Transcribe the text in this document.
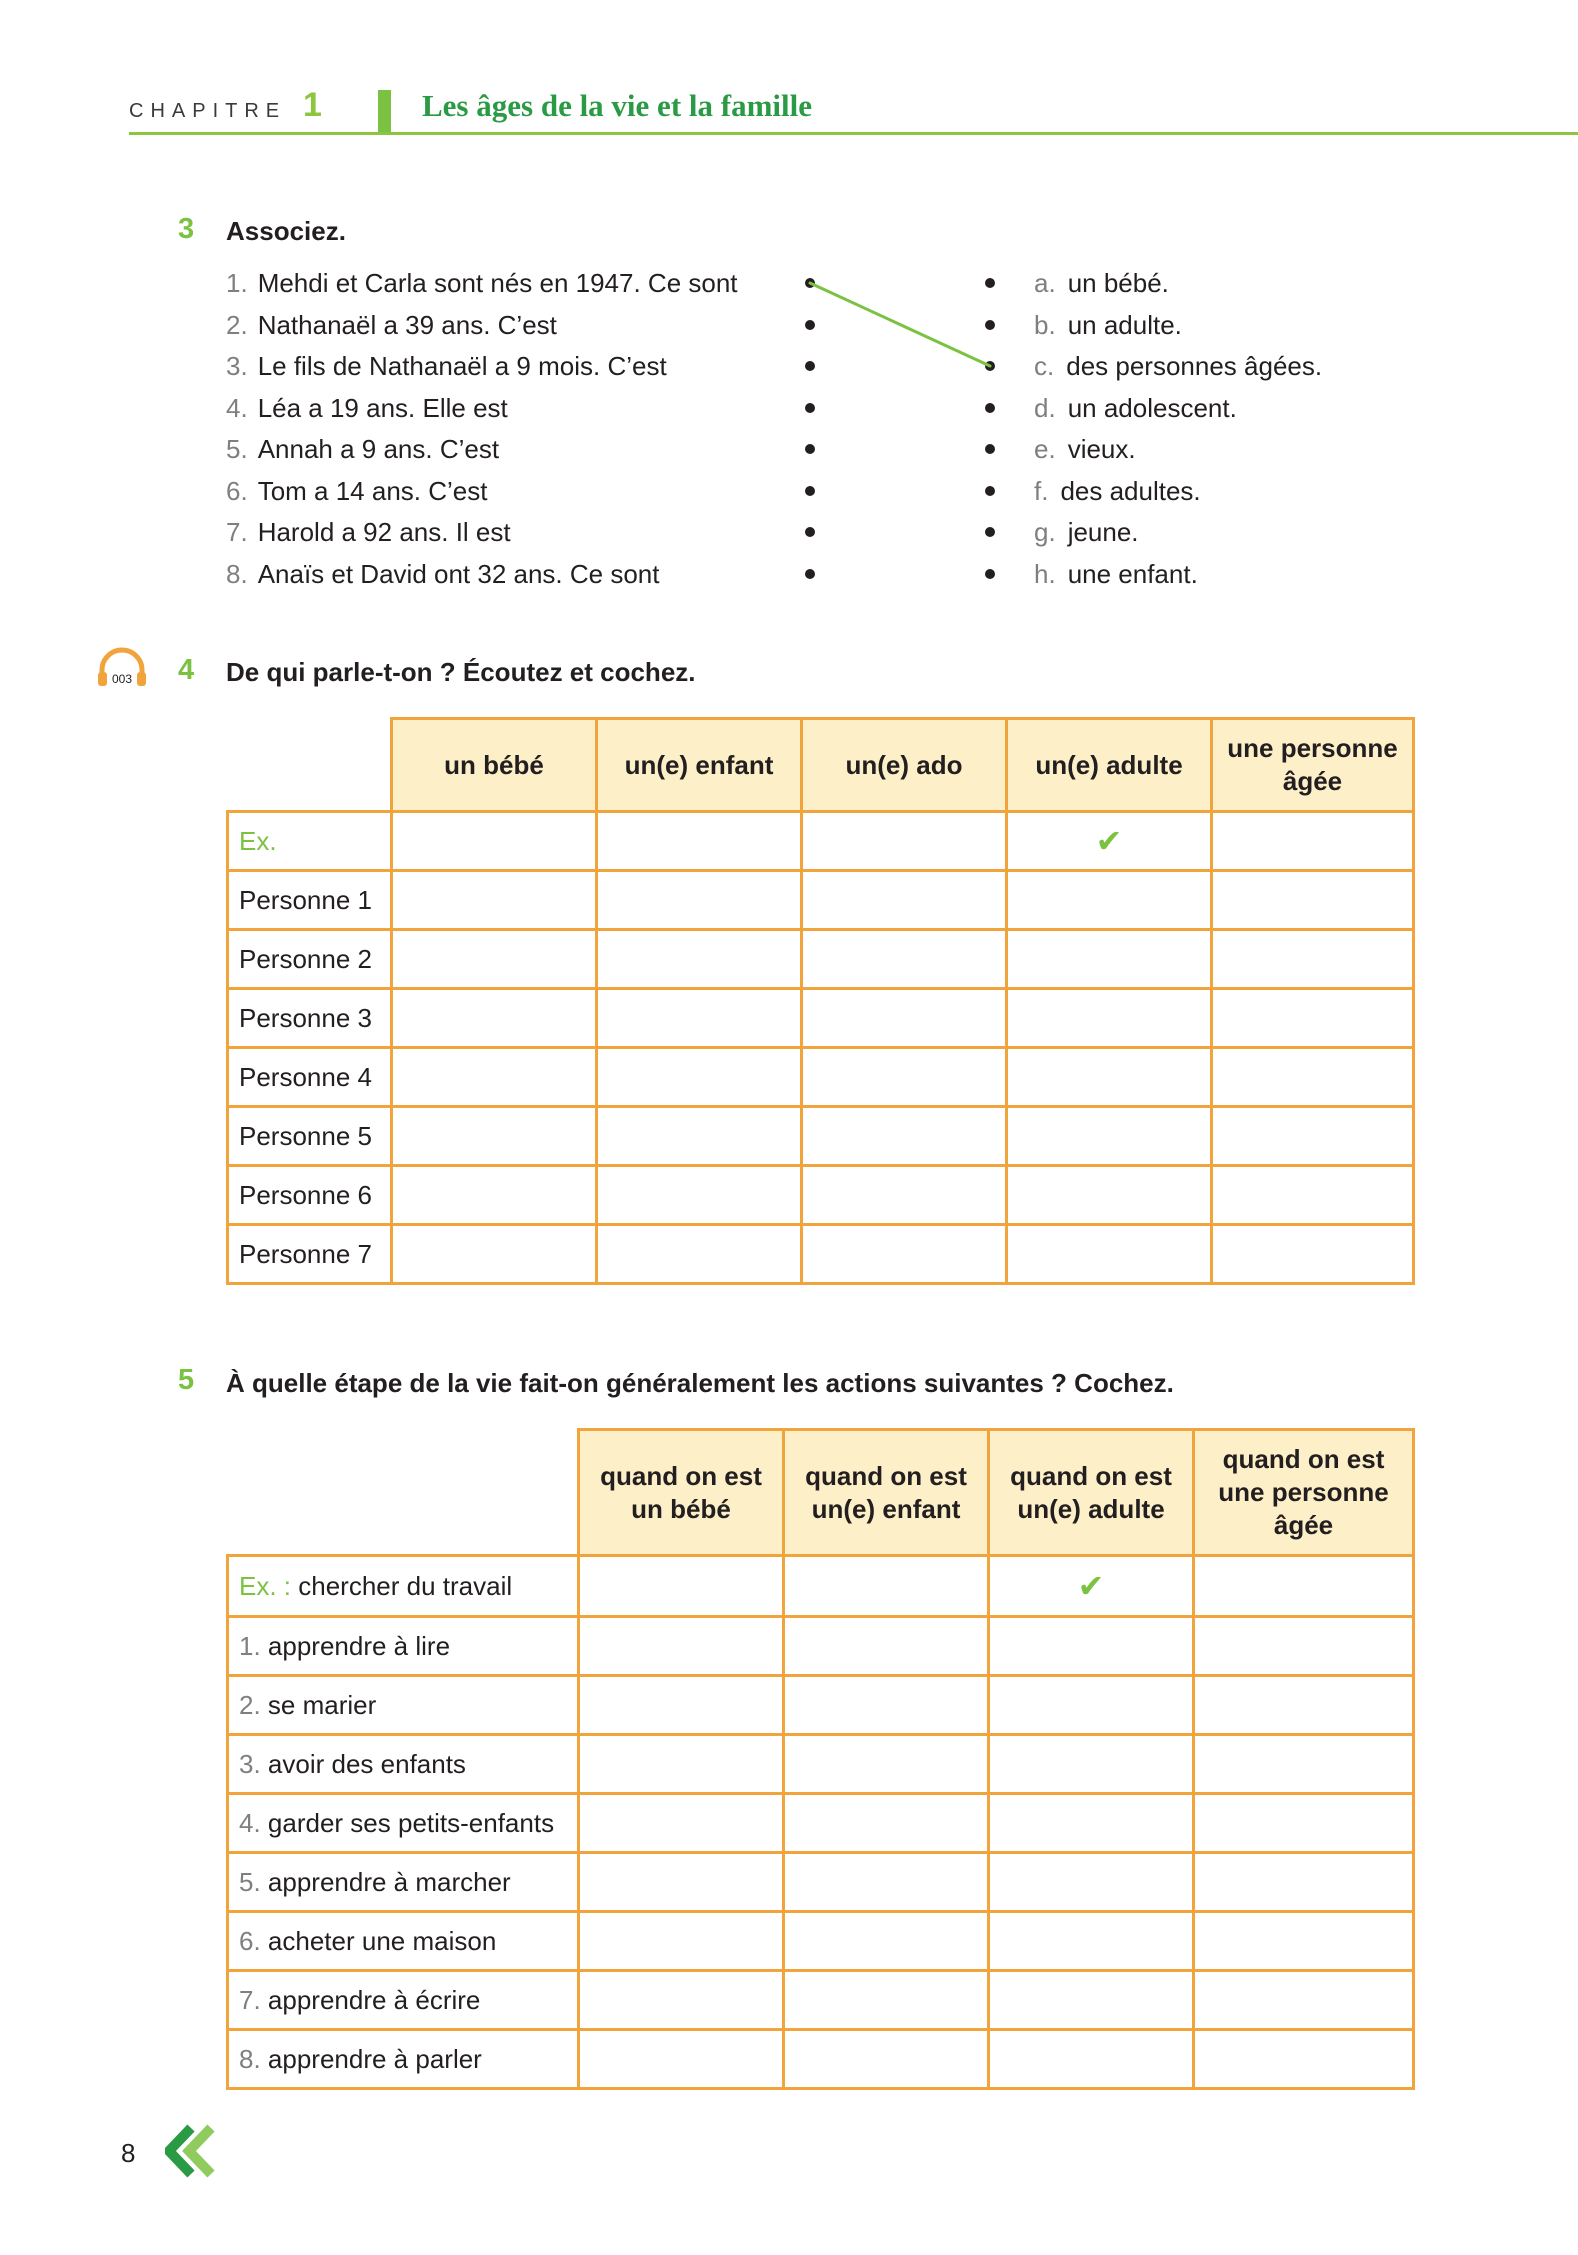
CHAPITRE 1	Les âges de la vie et la famille
3 Associez.
1. Mehdi et Carla sont nés en 1947. Ce sont
2. Nathanaël a 39 ans. C’est
3. Le fils de Nathanaël a 9 mois. C’est
4. Léa a 19 ans. Elle est
5. Annah a 9 ans. C’est
6. Tom a 14 ans. C’est
7. Harold a 92 ans. Il est
8. Anaïs et David ont 32 ans. Ce sont
a. un bébé.
b. un adulte.
c. des personnes âgées.
d. un adolescent.
e. vieux.
f. des adultes.
g. jeune.
h. une enfant.
003 4 De qui parle-t-on ? Écoutez et cochez.
	un bébé	un(e) enfant	un(e) ado	un(e) adulte	une personne âgée
Ex.				✔	
Personne 1					
Personne 2					
Personne 3					
Personne 4					
Personne 5					
Personne 6					
Personne 7					
5 À quelle étape de la vie fait-on généralement les actions suivantes ? Cochez.
	quand on est un bébé	quand on est un(e) enfant	quand on est un(e) adulte	quand on est une personne âgée
Ex. : chercher du travail			✔	
1. apprendre à lire				
2. se marier				
3. avoir des enfants				
4. garder ses petits-enfants				
5. apprendre à marcher				
6. acheter une maison				
7. apprendre à écrire				
8. apprendre à parler				
8
